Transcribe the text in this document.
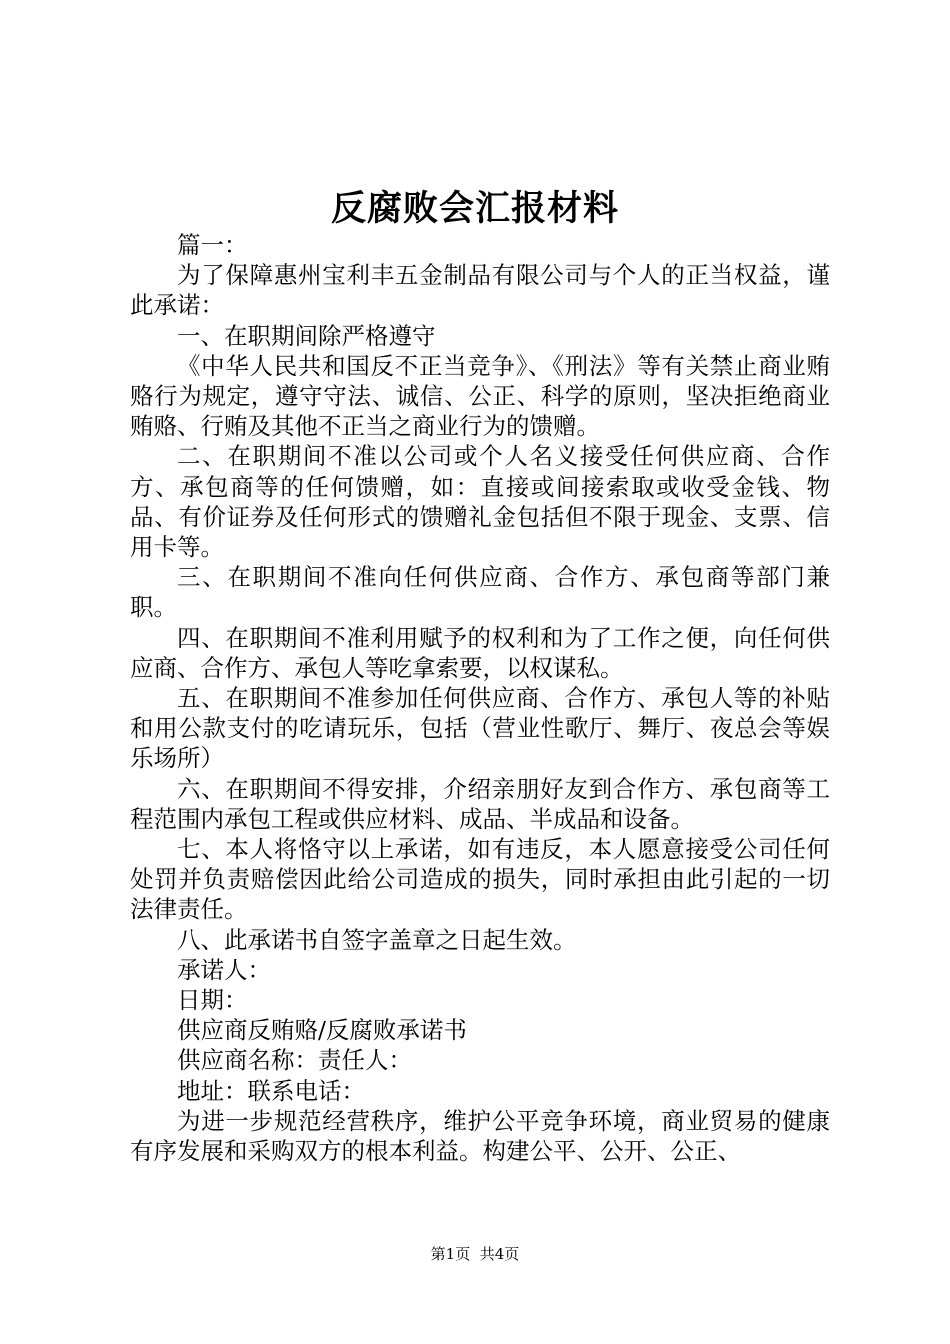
反腐败会汇报材料

篇一：

为了保障惠州宝利丰五金制品有限公司与个人的正当权益，谨此承诺：

一、在职期间除严格遵守

《中华人民共和国反不正当竞争》、《刑法》等有关禁止商业贿赂行为规定，遵守守法、诚信、公正、科学的原则，坚决拒绝商业贿赂、行贿及其他不正当之商业行为的馈赠。

二、在职期间不准以公司或个人名义接受任何供应商、合作方、承包商等的任何馈赠，如：直接或间接索取或收受金钱、物品、有价证券及任何形式的馈赠礼金包括但不限于现金、支票、信用卡等。

三、在职期间不准向任何供应商、合作方、承包商等部门兼职。

四、在职期间不准利用赋予的权利和为了工作之便，向任何供应商、合作方、承包人等吃拿索要，以权谋私。

五、在职期间不准参加任何供应商、合作方、承包人等的补贴和用公款支付的吃请玩乐，包括（营业性歌厅、舞厅、夜总会等娱乐场所）

六、在职期间不得安排，介绍亲朋好友到合作方、承包商等工程范围内承包工程或供应材料、成品、半成品和设备。

七、本人将恪守以上承诺，如有违反，本人愿意接受公司任何处罚并负责赔偿因此给公司造成的损失，同时承担由此引起的一切法律责任。

八、此承诺书自签字盖章之日起生效。

承诺人：

日期：

供应商反贿赂/反腐败承诺书

供应商名称：责任人：

地址：联系电话：

为进一步规范经营秩序，维护公平竞争环境，商业贸易的健康有序发展和采购双方的根本利益。构建公平、公开、公正、

第1页 共4页
